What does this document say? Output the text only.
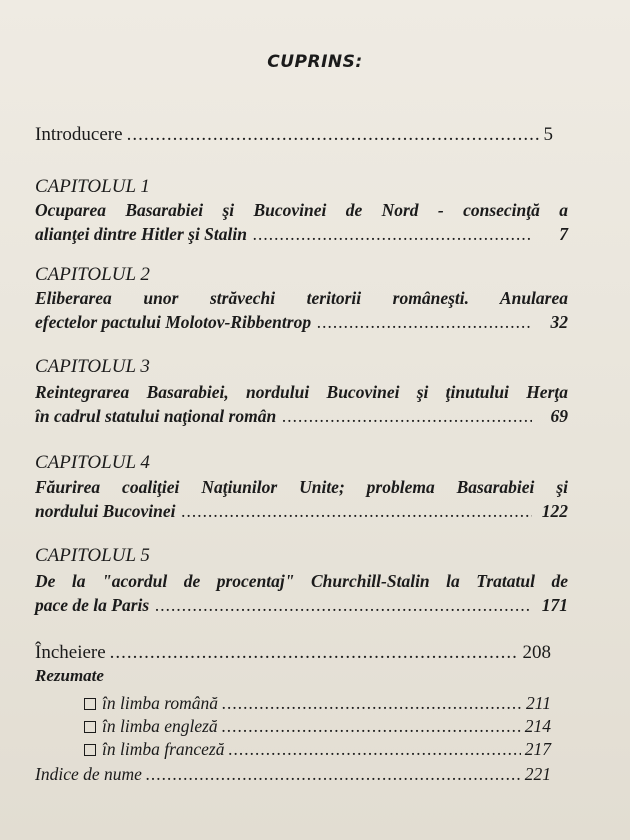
CUPRINS:
Introducere .....	5
CAPITOLUL 1
Ocuparea Basarabiei şi Bucovinei de Nord - consecinţă a
alianţei dintre Hitler şi Stalin .....	7
CAPITOLUL 2
Eliberarea unor străvechi teritorii româneşti. Anularea
efectelor pactului Molotov-Ribbentrop .....	32
CAPITOLUL 3
Reintegrarea Basarabiei, nordului Bucovinei şi ţinutului Herţa
în cadrul statului naţional român .....	69
CAPITOLUL 4
Făurirea coaliţiei Naţiunilor Unite; problema Basarabiei şi
nordului Bucovinei .....	122
CAPITOLUL 5
De la "acordul de procentaj" Churchill-Stalin la Tratatul de
pace de la Paris .....	171
Încheiere .....	208
Rezumate
în limba română .....	211
în limba engleză .....	214
în limba franceză .....	217
Indice de nume .....	221
